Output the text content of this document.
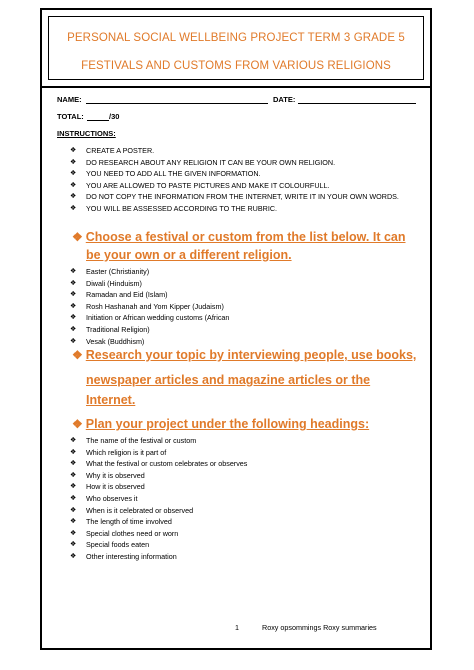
PERSONAL SOCIAL WELLBEING PROJECT TERM 3 GRADE 5
FESTIVALS AND CUSTOMS FROM VARIOUS RELIGIONS
NAME:	DATE:
TOTAL:	/30
INSTRUCTIONS:
❖ CREATE A POSTER.
❖ DO RESEARCH ABOUT ANY RELIGION IT CAN BE YOUR OWN RELIGION.
❖ YOU NEED TO ADD ALL THE GIVEN INFORMATION.
❖ YOU ARE ALLOWED TO PASTE PICTURES AND MAKE IT COLOURFULL.
❖ DO NOT COPY THE INFORMATION FROM THE INTERNET, WRITE IT IN YOUR OWN WORDS.
❖ YOU WILL BE ASSESSED ACCORDING TO THE RUBRIC.
❖ Choose a festival or custom from the list below. It can
be your own or a different religion.
❖ Easter (Christianity)
❖ Diwali (Hinduism)
❖ Ramadan and Eid (Islam)
❖ Rosh Hashanah and Yom Kipper (Judaism)
❖ Initiation or African wedding customs (African
❖ Traditional Religion)
❖ Vesak (Buddhism)
❖ Research your topic by interviewing people, use books,
newspaper articles and magazine articles or the
Internet.
❖ Plan your project under the following headings:
❖ The name of the festival or custom
❖ Which religion is it part of
❖ What the festival or custom celebrates or observes
❖ Why it is observed
❖ How it is observed
❖ Who observes it
❖ When is it celebrated or observed
❖ The length of time involved
❖ Special clothes need or worn
❖ Special foods eaten
❖ Other interesting information
1	Roxy opsommings Roxy summaries
